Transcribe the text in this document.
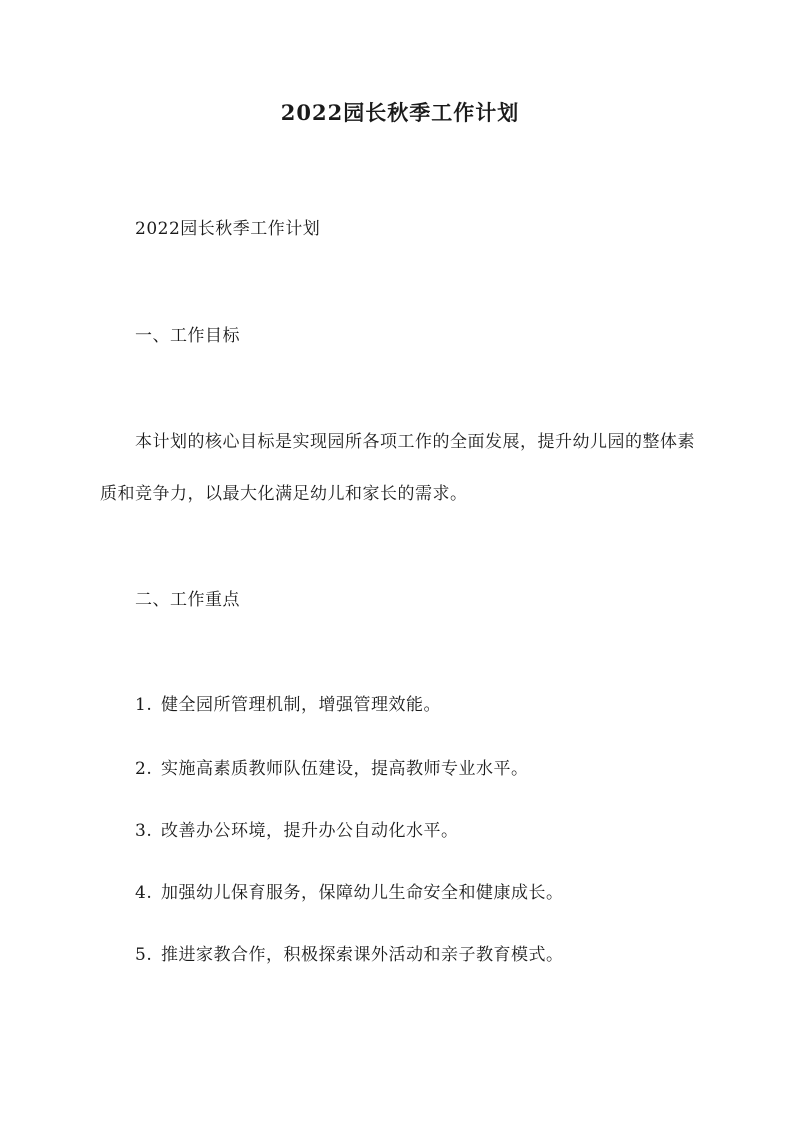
2022园长秋季工作计划
2022园长秋季工作计划
一、工作目标
本计划的核心目标是实现园所各项工作的全面发展，提升幼儿园的整体素质和竞争力，以最大化满足幼儿和家长的需求。
二、工作重点
1. 健全园所管理机制，增强管理效能。
2. 实施高素质教师队伍建设，提高教师专业水平。
3. 改善办公环境，提升办公自动化水平。
4. 加强幼儿保育服务，保障幼儿生命安全和健康成长。
5. 推进家教合作，积极探索课外活动和亲子教育模式。
